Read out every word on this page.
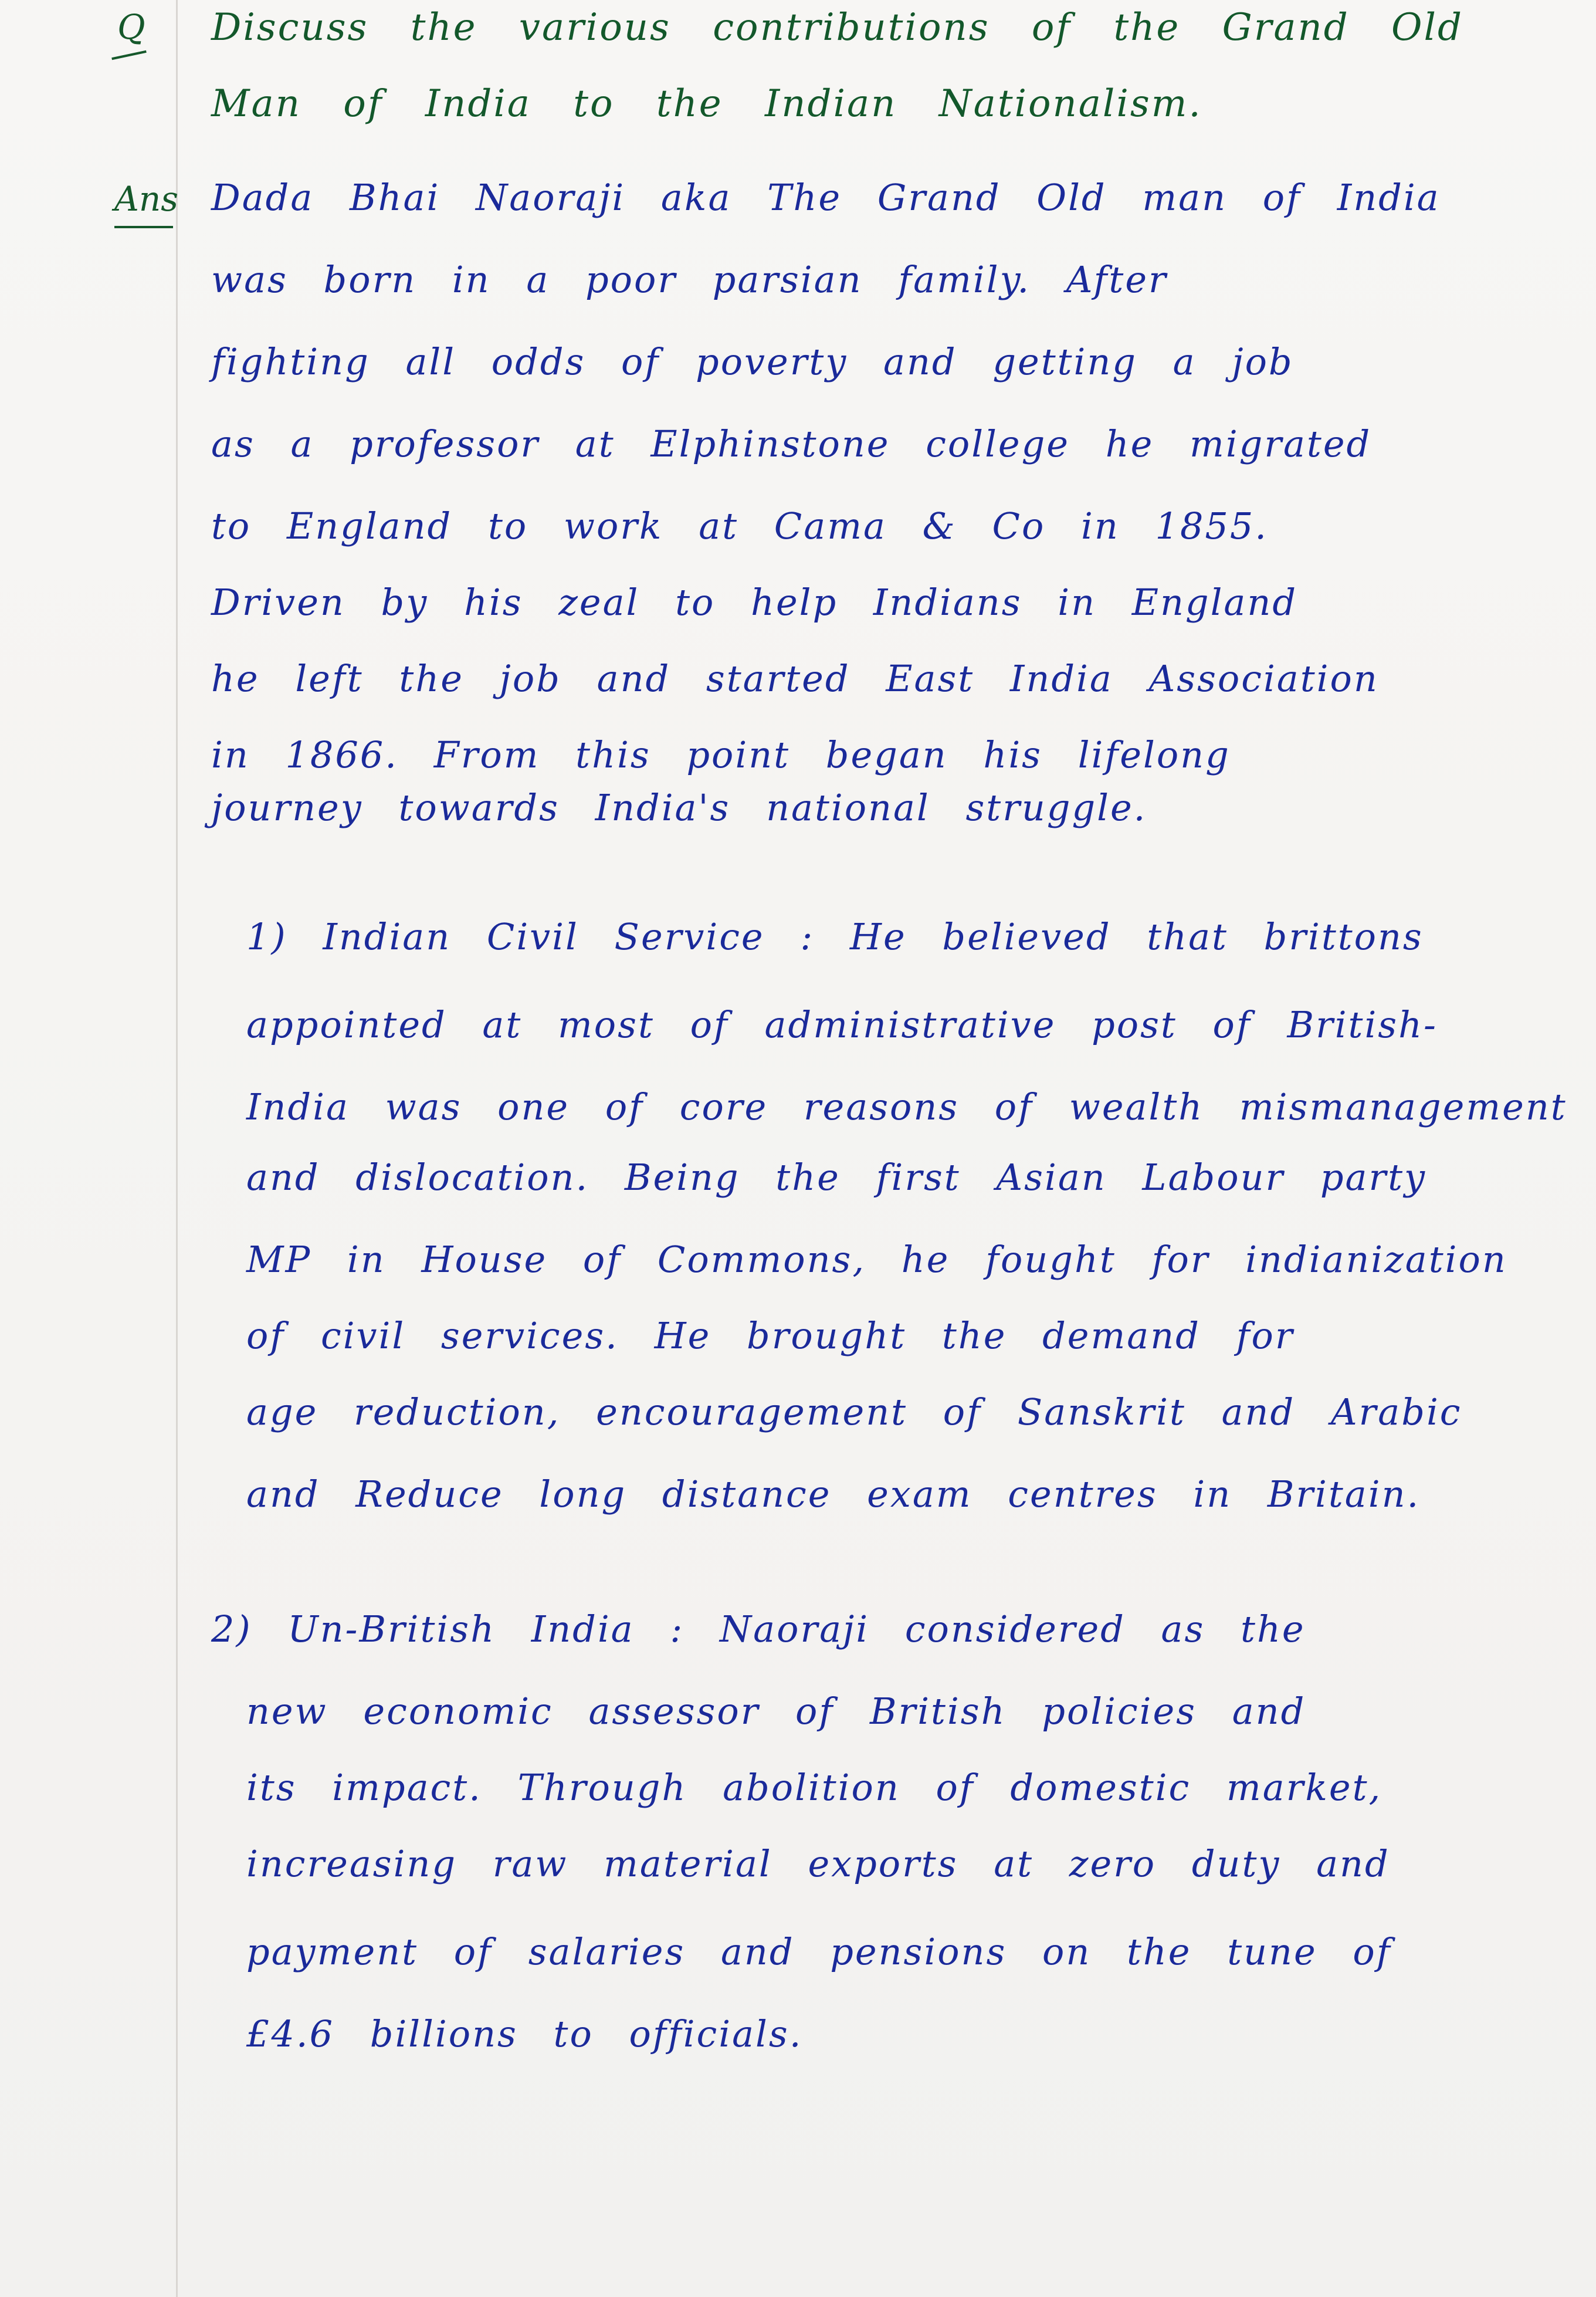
Q Discuss the various contributions of the Grand Old
Man of India to the Indian Nationalism.
Ans Dada Bhai Naoraji aka The Grand Old man of India
was born in a poor parsian family. After
fighting all odds of poverty and getting a job
as a professor at Elphinstone college he migrated
to England to work at Cama & Co in 1855.
Driven by his zeal to help Indians in England
he left the job and started East India Association
in 1866. From this point began his lifelong
journey towards India's national struggle.
1) Indian Civil Service : He believed that brittons
appointed at most of administrative post of British-
India was one of core reasons of wealth mismanagement
and dislocation. Being the first Asian Labour party
MP in House of Commons, he fought for indianization
of civil services. He brought the demand for
age reduction, encouragement of Sanskrit and Arabic
and Reduce long distance exam centres in Britain.
2) Un-British India : Naoraji considered as the
new economic assessor of British policies and
its impact. Through abolition of domestic market,
increasing raw material exports at zero duty and
payment of salaries and pensions on the tune of
£4.6 billions to officials.
